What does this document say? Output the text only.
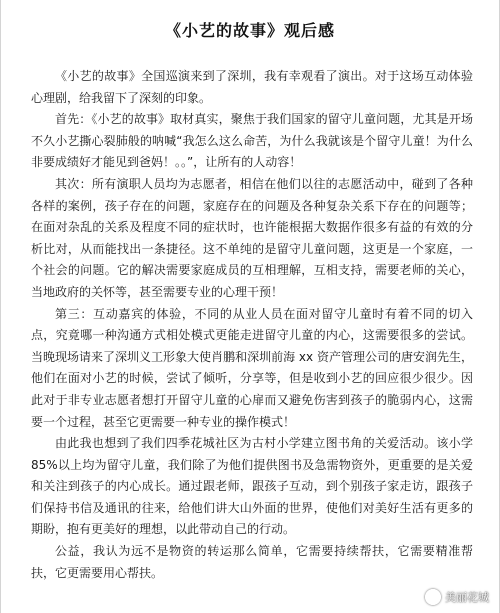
《小艺的故事》观后感

《小艺的故事》全国巡演来到了深圳，我有幸观看了演出。对于这场互动体验心理剧，给我留下了深刻的印象。

首先：《小艺的故事》取材真实，聚焦于我们国家的留守儿童问题，尤其是开场不久小艺撕心裂肺般的呐喊“我怎么这么命苦，为什么我就该是个留守儿童！为什么非要成绩好才能见到爸妈！。。”，让所有的人动容！

其次：所有演职人员均为志愿者，相信在他们以往的志愿活动中，碰到了各种各样的案例，孩子存在的问题，家庭存在的问题及各种复杂关系下存在的问题等；在面对杂乱的关系及程度不同的症状时，也许能根据大数据作很多有益的有效的分析比对，从而能找出一条捷径。这不单纯的是留守儿童问题，这更是一个家庭，一个社会的问题。它的解决需要家庭成员的互相理解，互相支持，需要老师的关心，当地政府的关怀等，甚至需要专业的心理干预！

第三：互动嘉宾的体验，不同的从业人员在面对留守儿童时有着不同的切入点，究竟哪一种沟通方式相处模式更能走进留守儿童的内心，这需要很多的尝试。当晚现场请来了深圳义工形象大使肖鹏和深圳前海 xx 资产管理公司的唐安润先生，他们在面对小艺的时候，尝试了倾听，分享等，但是收到小艺的回应很少很少。因此对于非专业志愿者想打开留守儿童的心扉而又避免伤害到孩子的脆弱内心，这需要一个过程，甚至它更需要一种专业的操作模式！

由此我也想到了我们四季花城社区为古村小学建立图书角的关爱活动。该小学 85%以上均为留守儿童，我们除了为他们提供图书及急需物资外，更重要的是关爱和关注到孩子的内心成长。通过跟老师，跟孩子互动，到个别孩子家走访，跟孩子们保持书信及通讯的往来，给他们讲大山外面的世界，使他们对美好生活有更多的期盼，抱有更美好的理想，以此带动自己的行动。

公益，我认为远不是物资的转运那么简单，它需要持续帮扶，它需要精准帮扶，它更需要用心帮扶。

美丽花城
